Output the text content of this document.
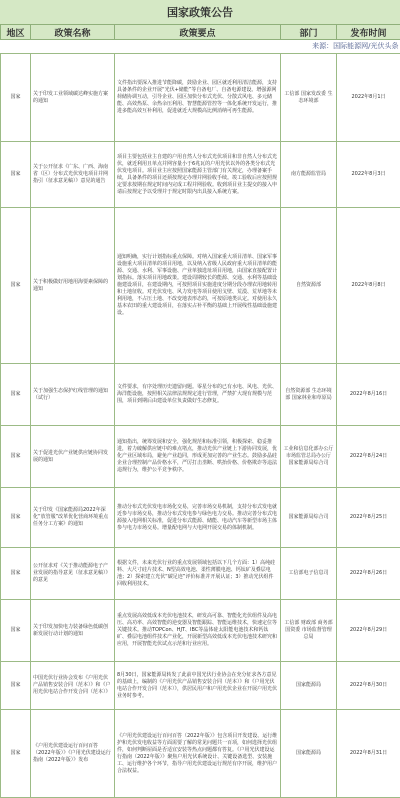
国家政策公告
地区	政策名称	政策要点	部门	发布时间
来源：国际能源网/光伏头条				
国家	关于印发工业领域碳达峰实施方案的通知	文件指出要深入推进节能降碳，鼓励企业、园区就近利用清洁能源，支持具备条件的企业开展“光伏+储能”等自备电厂、自备电源建设。增强源网荷储协调互动，引导企业、园区加快分布式光伏、分散式风电、多元储能、高效热泵、余热余压利用、智慧能源管控等一体化系统开发运行，推进多能高效互补利用，促进就近大规模高比例消纳可再生能源。	工信部 国家发改委 生态环境部	2022年8月1日
国家	关于公开征求《广东、广西、海南省（区）分布式光伏发电项目并网指引（征求意见稿）》意见的通告	项目主要包括业主自建的户用自然人分布式光伏项目和非自然人分布式光伏，就近利用且单点并网容量小于6兆瓦的户用光伏以外的各类分布式光伏发电项目。项目业主应按照国家能源主管部门有关规定，办理备案手续，具备条件的项目还须按规定办理并网验收手续。竣工验收后应按照规定要求按期在规定时间内完成工程并网验收。收到项目业主提交的接入申请后按规定予以受理并于规定时限内出具接入系统方案。	南方能源监管局	2022年8月3日
国家	关于积极做好用地用海要素保障的通知	通知明确，实行计划指标重点保障。对纳入国家重大项目清单、国家军事设施重大项目清单的项目用地，以及纳入省级人民政府重大项目清单的能源、交通、水利、军事设施、产业单独选址项目用地，由国家直接配置计划指标。落实项目用地政策。建设周期较长的能源、交通、水利等基础设施建设项目，在建设期内，可按照项目实施进度分期分段办理农用地转用和土地征收。对光伏发电、风力发电等项目使用戈壁、荒漠、荒草地等未利用地，不占压土地、不改变地表形态的，可按原地类认定。对使用永久基本农田的重大建设项目，在落实占补平衡的基础上开展线性基础设施建设。	自然资源部	2022年8月8日
国家	关于加强生态保护红线管理的通知（试行）	文件要求，有序处理历史遗留问题。零星分布的已有水电、风电、光伏、海洋能设施，按照相关法律法规规定进行管理，严禁扩大现有规模与范围，项目到期后由建设单位负责做好生态修复。	自然资源部 生态环境部 国家林业和草原局	2022年8月16日
国家	关于促进光伏产业链供应链协同发展的通知	通知指出，统筹发展和安全，强化规范和标准引领，积极探索、稳妥推进，着力破解供应链中的难点堵点，推动光伏产业链上下游协同发展，优化产业区域布局，避免产业趋同，形成更加完善的产业生态。鼓励多晶硅企业合理控制产品价格水平，严厉打击垄断、哄抬价格、价格欺诈等违法违规行为，维护公平竞争秩序。	工业和信息化部办公厅 市场监管总局办公厅 国家能源局综合司	2022年8月24日
国家	关于印发《国家能源局2022年深化“放管服”改革优化营商环境重点任务分工方案》的通知	推动分布式光伏发电市场化交易，完善市场交易机制，支持分布式发电就近参与市场交易，推动分布式发电参与绿色电力交易。推动完善分布式电源接入电网相关标准，促进分布式能源、储能、电动汽车等新型市场主体参与电力市场交易。增量配电网与大电网开展交易的体制机制。	国家能源局综合司	2022年8月25日
国家	公开征求对《关于推动能源电子产业发展的指导意见（征求意见稿）》的意见	根据文件，未来光伏行业的重点发展领域包括以下几个方面：1）高纯硅料、大尺寸硅片技术、N型高效电池、柔性薄膜电池、钙钛矿及叠层电池；2）探索建立光伏“碳足迹”评价标准并开展认证；3）推动光伏组件回收利用技术。	工信部电子信息司	2022年8月26日
国家	关于印发加快电力装备绿色低碳创新发展行动计划的通知	重点发展高效低成本光伏电池技术，研发高可靠、智能化光伏组件及高电压、高功率、高效智能的逆变器及智能跟踪、智能运维技术，快速定位等关键技术。推动TOPCon、HJT、IBC等晶体硅太阳能电池技术和钙钛矿、叠层电池组件技术产业化，开展新型高效低成本光伏电池技术研究和应用，开展智能光伏试点示范和行业应用。	工信部 财政部 商务部 国资委 市场监督管理总局	2022年8月29日
国家	中国光伏行业协会发布《户用光伏产品销售安装合同（范本）》和《户用光伏电站合作开发合同（范本）》	8月30日，国家能源局转发了此前中国光伏行业协会在充分征求各方意见的基础上，编制的《户用光伏产品销售安装合同（范本）》和《户用光伏电站合作开发合同（范本）》，供居民用户和户用光伏企业在开展户用光伏业务时参考。	国家能源局	2022年8月30日
国家	《户用光伏建设运行百问百答（2022年版）》《户用光伏建设运行指南（2022年版）》发布	《户用光伏建设运行百问百答（2022年版）》包含项目开发建设、运行维护和光伏发电收益等方面需要了解的常见问题共一百项，如何选择光伏组件，如何判断屋面是否适宜安装等热点问题都有答复。《户用光伏建设运行指南（2022年版）》聚焦户用光伏系统设计、关键设备选型、安装施工、运行维护各个环节，指导户用光伏建设运行规范有序开展，维护用户合法权益。	国家能源局	2022年8月31日
